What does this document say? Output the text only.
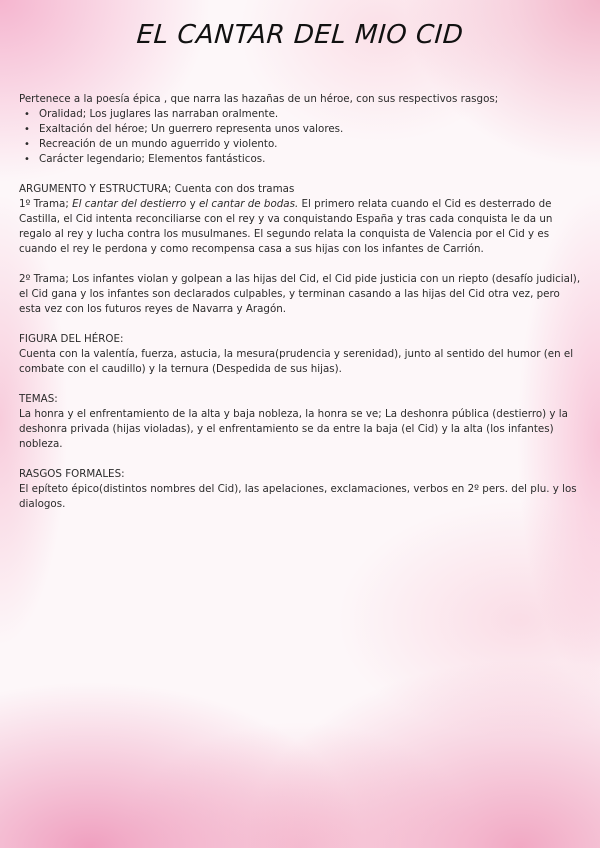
EL CANTAR DEL MIO CID

Pertenece a la poesía épica , que narra las hazañas de un héroe, con sus respectivos rasgos;

• Oralidad; Los juglares las narraban oralmente.
• Exaltación del héroe; Un guerrero representa unos valores.
• Recreación de un mundo aguerrido y violento.
• Carácter legendario; Elementos fantásticos.

ARGUMENTO Y ESTRUCTURA; Cuenta con dos tramas

1º Trama; El cantar del destierro y el cantar de bodas. El primero relata cuando el Cid es desterrado de Castilla, el Cid intenta reconciliarse con el rey y va conquistando España y tras cada conquista le da un regalo al rey y lucha contra los musulmanes. El segundo relata la conquista de Valencia por el Cid y es cuando el rey le perdona y como recompensa casa a sus hijas con los infantes de Carrión.

2º Trama; Los infantes violan y golpean a las hijas del Cid, el Cid pide justicia con un riepto (desafío judicial), el Cid gana y los infantes son declarados culpables, y terminan casando a las hijas del Cid otra vez, pero esta vez con los futuros reyes de Navarra y Aragón.

FIGURA DEL HÉROE:

Cuenta con la valentía, fuerza, astucia, la mesura(prudencia y serenidad), junto al sentido del humor (en el combate con el caudillo) y la ternura (Despedida de sus hijas).

TEMAS:

La honra y el enfrentamiento de la alta y baja nobleza, la honra se ve; La deshonra pública (destierro) y la deshonra privada (hijas violadas), y el enfrentamiento se da entre la baja (el Cid) y la alta (los infantes) nobleza.

RASGOS FORMALES:

El epíteto épico(distintos nombres del Cid), las apelaciones, exclamaciones, verbos en 2º pers. del plu. y los dialogos.
